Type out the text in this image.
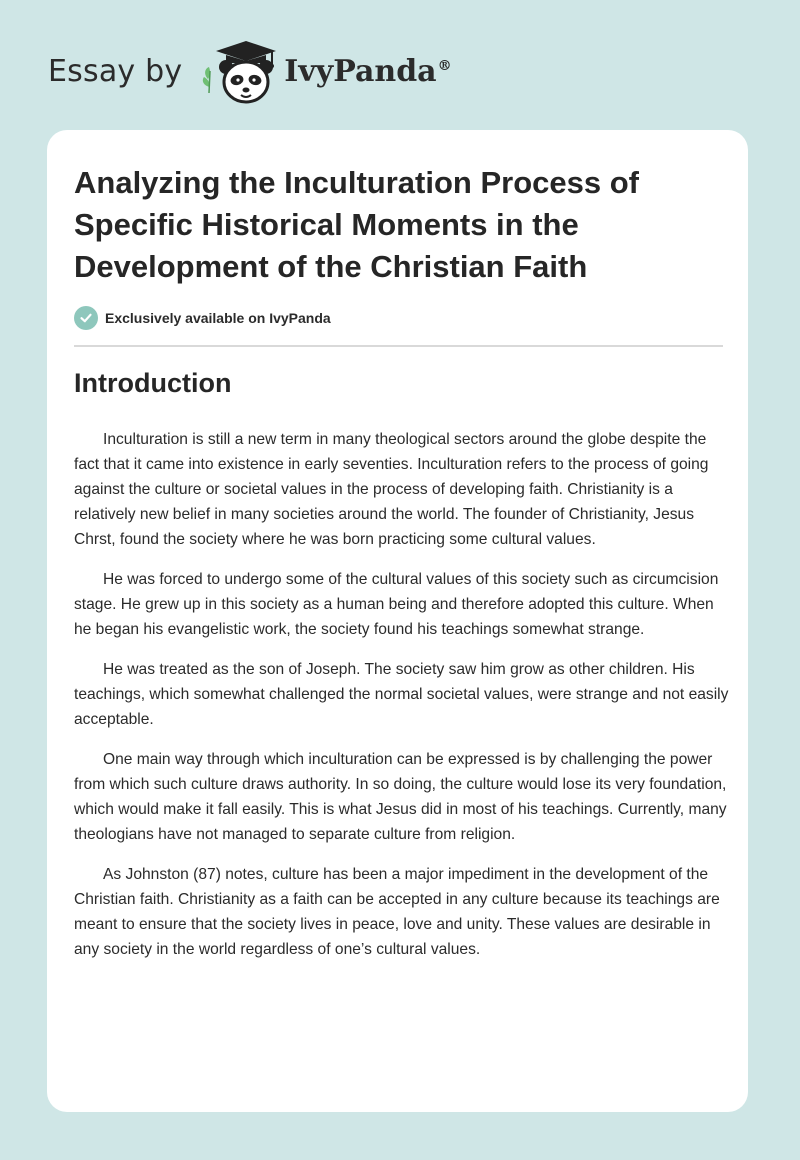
Essay by	IvyPanda®
Analyzing the Inculturation Process of Specific Historical Moments in the Development of the Christian Faith
Exclusively available on IvyPanda
Introduction

Inculturation is still a new term in many theological sectors around the globe despite the fact that it came into existence in early seventies. Inculturation refers to the process of going against the culture or societal values in the process of developing faith. Christianity is a relatively new belief in many societies around the world. The founder of Christianity, Jesus Chrst, found the society where he was born practicing some cultural values.

He was forced to undergo some of the cultural values of this society such as circumcision stage. He grew up in this society as a human being and therefore adopted this culture. When he began his evangelistic work, the society found his teachings somewhat strange.

He was treated as the son of Joseph. The society saw him grow as other children. His teachings, which somewhat challenged the normal societal values, were strange and not easily acceptable.

One main way through which inculturation can be expressed is by challenging the power from which such culture draws authority. In so doing, the culture would lose its very foundation, which would make it fall easily. This is what Jesus did in most of his teachings. Currently, many theologians have not managed to separate culture from religion.

As Johnston (87) notes, culture has been a major impediment in the development of the Christian faith. Christianity as a faith can be accepted in any culture because its teachings are meant to ensure that the society lives in peace, love and unity. These values are desirable in any society in the world regardless of one’s cultural values.
